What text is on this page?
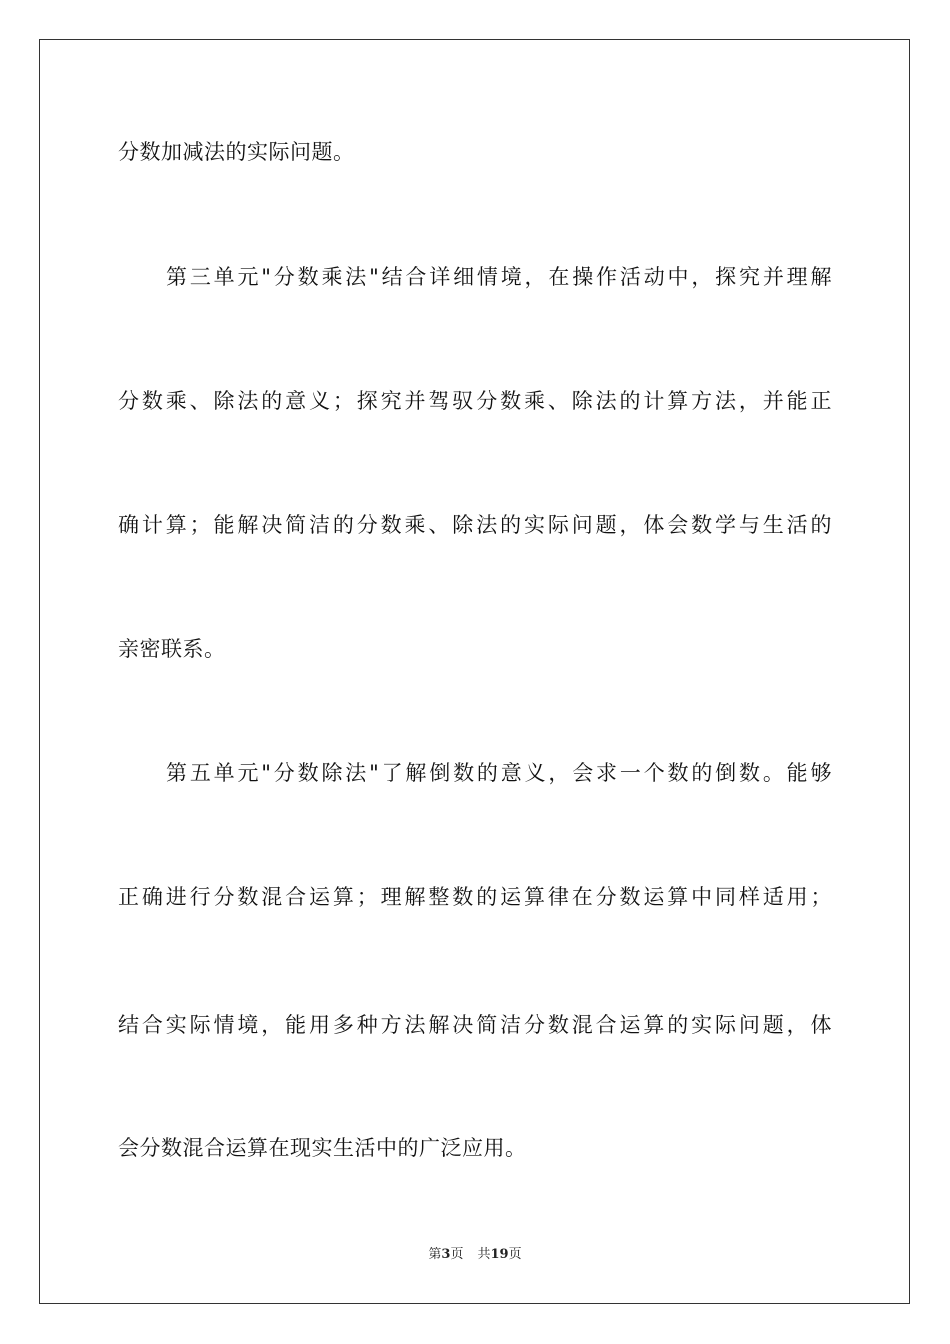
分数加减法的实际问题。
第三单元"分数乘法"结合详细情境，在操作活动中，探究并理解
分数乘、除法的意义；探究并驾驭分数乘、除法的计算方法，并能正
确计算；能解决简洁的分数乘、除法的实际问题，体会数学与生活的
亲密联系。
第五单元"分数除法"了解倒数的意义，会求一个数的倒数。能够
正确进行分数混合运算；理解整数的运算律在分数运算中同样适用；
结合实际情境，能用多种方法解决简洁分数混合运算的实际问题，体
会分数混合运算在现实生活中的广泛应用。
第3页 共19页
